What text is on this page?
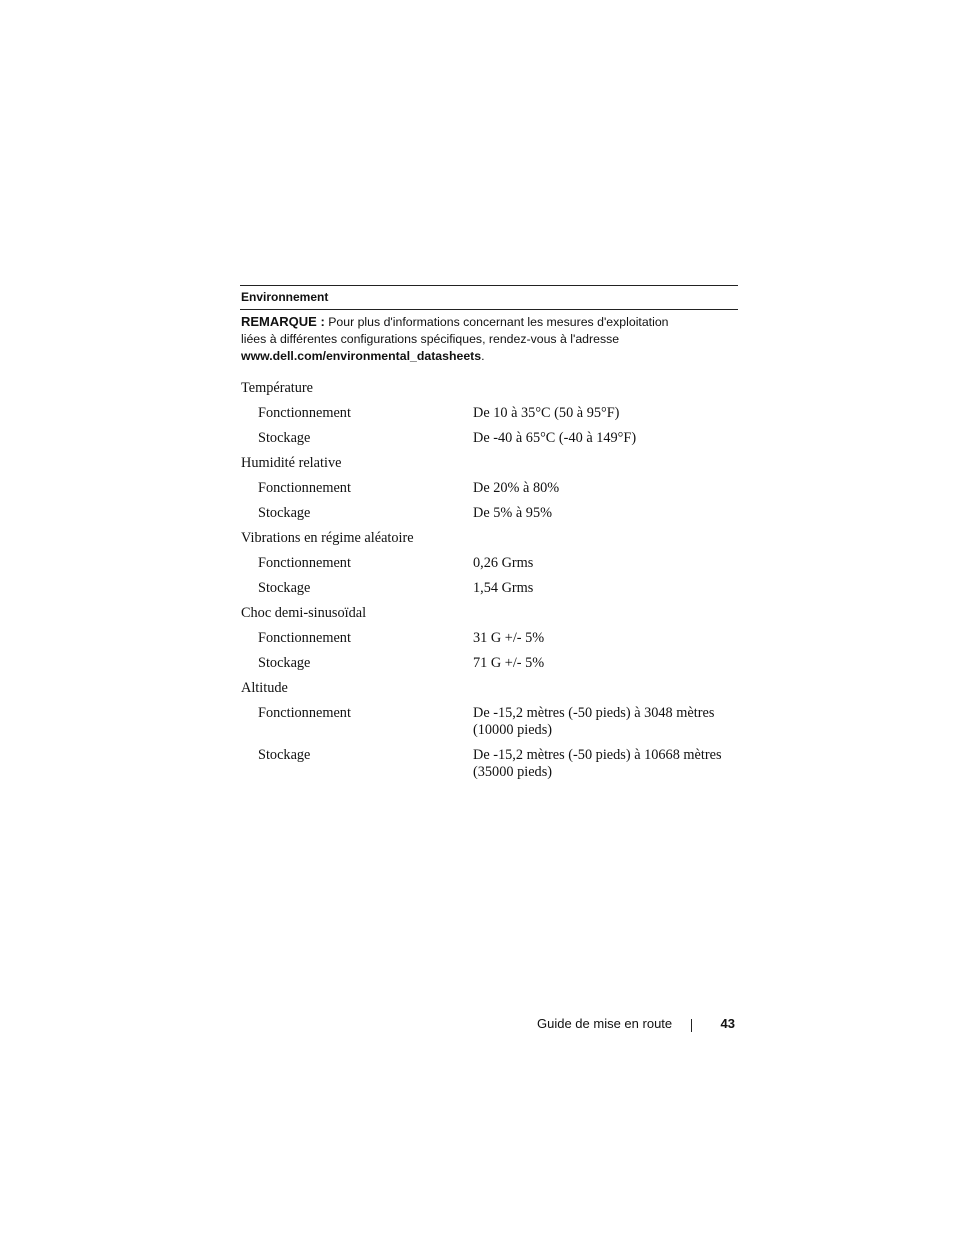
Environnement
REMARQUE : Pour plus d'informations concernant les mesures d'exploitation liées à différentes configurations spécifiques, rendez-vous à l'adresse www.dell.com/environmental_datasheets.
Température
Fonctionnement	De 10 à 35°C (50 à 95°F)
Stockage	De -40 à 65°C (-40 à 149°F)
Humidité relative
Fonctionnement	De 20% à 80%
Stockage	De 5% à 95%
Vibrations en régime aléatoire
Fonctionnement	0,26 Grms
Stockage	1,54 Grms
Choc demi-sinusoïdal
Fonctionnement	31 G +/- 5%
Stockage	71 G +/- 5%
Altitude
Fonctionnement	De -15,2 mètres (-50 pieds) à 3048 mètres (10000 pieds)
Stockage	De -15,2 mètres (-50 pieds) à 10668 mètres (35000 pieds)
Guide de mise en route	43
